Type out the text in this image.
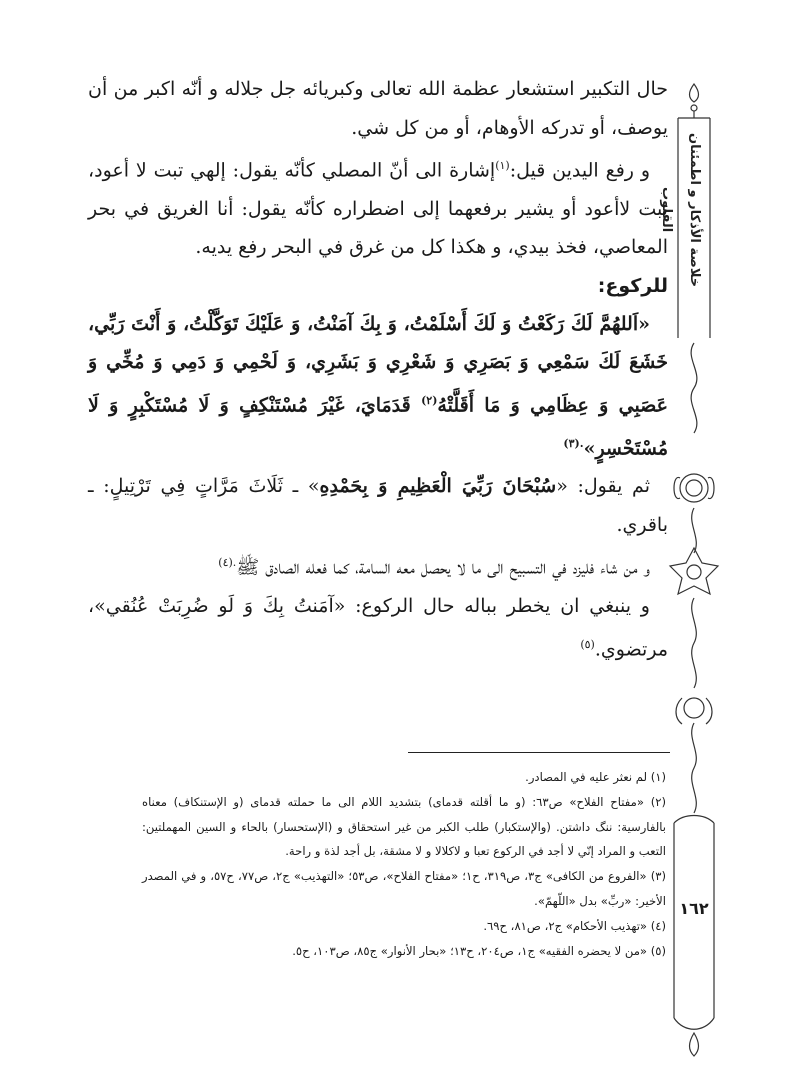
خلاصة الأذكار و اطمئنان القلوب
١٦٢

حال التكبير استشعار عظمة الله تعالى وكبريائه جل جلاله و أنّه اكبر من أن يوصف، أو تدركه الأوهام، أو من كل شي.

و رفع اليدين قيل:$^{(١)}$إشارة الى أنّ المصلي كأنّه يقول: إلهي تبت لا أعود، تبت لاأعود أو يشير برفعهما إلى اضطراره كأنّه يقول: أنا الغريق في بحر المعاصي، فخذ بيدي، و هكذا كل من غرق في البحر رفع يديه.

للركوع:

«اَللهُمَّ لَكَ رَكَعْتُ وَ لَكَ أَسْلَمْتُ، وَ بِكَ آمَنْتُ، وَ عَلَيْكَ تَوَكَّلْتُ، وَ أَنْتَ رَبِّي، خَشَعَ لَكَ سَمْعِي وَ بَصَرِي وَ شَعْرِي وَ بَشَرِي، وَ لَحْمِي وَ دَمِي وَ مُخِّي وَ عَصَبِي وَ عِظَامِي وَ مَا أَقَلَّتْهُ$^{(٢)}$ قَدَمَايَ، غَيْرَ مُسْتَنْكِفٍ وَ لَا مُسْتَكْبِرٍ وَ لَا مُسْتَحْسِرٍ»$^{.(٣)}$

ثم يقول: «سُبْحَانَ رَبِّيَ الْعَظِيمِ وَ بِحَمْدِهِ» ـ ثَلَاثَ مَرَّاتٍ فِي تَرْتِيلٍ: ـ باقري.

و من شاء فليزد في التسبيح الى ما لا يحصل معه السامة، كما فعله الصادق ﷺ$^{.(٤)}$

و ينبغي ان يخطر بباله حال الركوع: «آمَنتُ بِكَ وَ لَو ضُرِبَتْ عُنُقي»، مرتضوي.$^{(٥)}$

(١) لم نعثر عليه في المصادر.

(٢) «مفتاح الفلاح» ص٦٣: (و ما أقلته قدماى) بتشديد اللام الى ما حملته قدماى (و الإستنكاف) معناه بالفارسية: ننگ داشتن. (والإستكبار) طلب الكبر من غير استحقاق و (الإستحسار) بالحاء و السين المهملتين: التعب و المراد إنّي لا أجد في الركوع تعبا و لاكلالا و لا مشقة، بل أجد لذة و راحة.

(٣) «الفروع من الكافى» ج٣، ص٣١٩، ح١؛ «مفتاح الفلاح»، ص٥٣؛ «التهذيب» ج٢، ص٧٧، ح٥٧، و في المصدر الأخير: «ربِّ» بدل «اللّهمّ».

(٤) «تهذيب الأحكام» ج٢، ص٨١، ح٦٩.

(٥) «من لا يحضره الفقيه» ج١، ص٢٠٤، ح١٣؛ «بحار الأنوار» ج٨٥، ص١٠٣، ح٥.
